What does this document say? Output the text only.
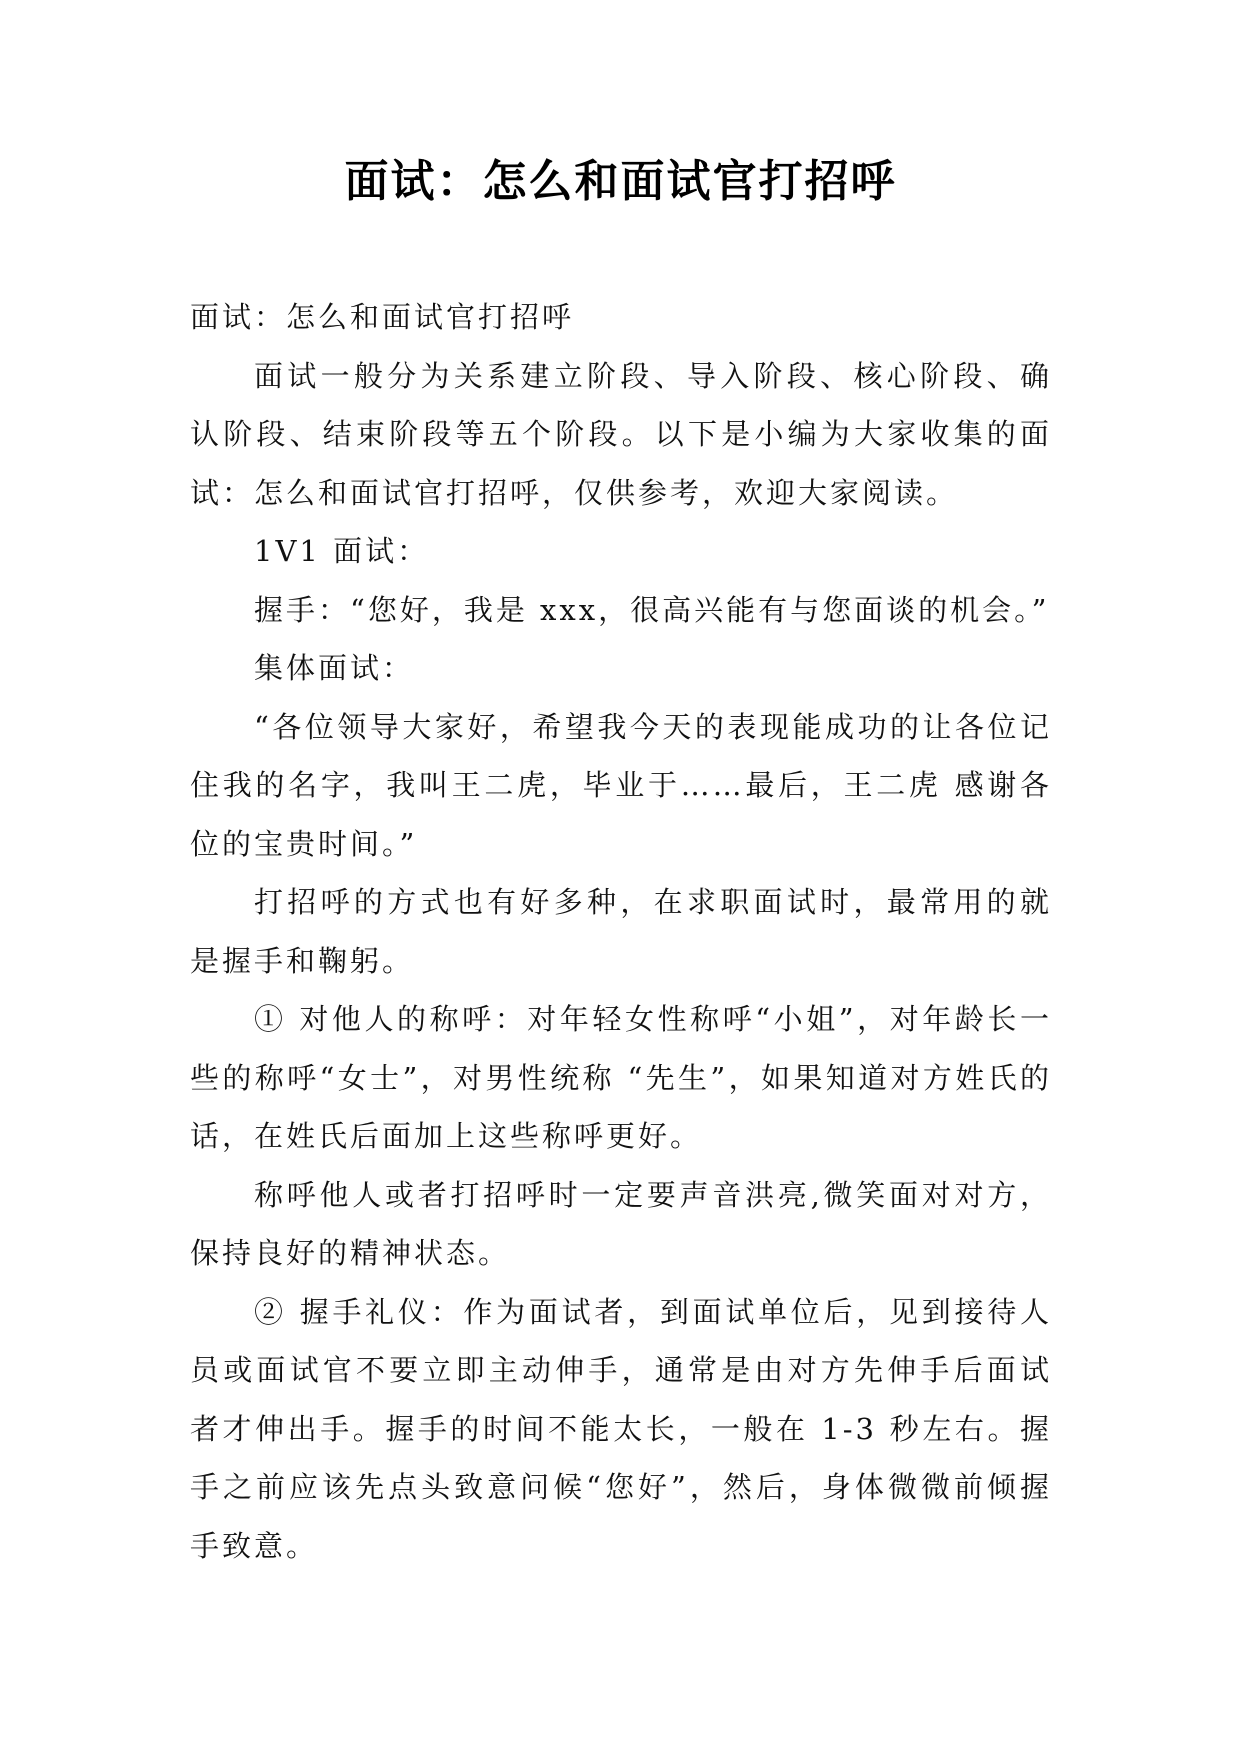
面试：怎么和面试官打招呼

面试：怎么和面试官打招呼

面试一般分为关系建立阶段、导入阶段、核心阶段、确认阶段、结束阶段等五个阶段。以下是小编为大家收集的面试：怎么和面试官打招呼，仅供参考，欢迎大家阅读。

1V1 面试：

握手：“您好，我是 xxx，很高兴能有与您面谈的机会。”

集体面试：

“各位领导大家好，希望我今天的表现能成功的让各位记住我的名字，我叫王二虎，毕业于……最后，王二虎 感谢各位的宝贵时间。”

打招呼的方式也有好多种，在求职面试时，最常用的就是握手和鞠躬。

① 对他人的称呼：对年轻女性称呼“小姐”，对年龄长一些的称呼“女士”，对男性统称 “先生”，如果知道对方姓氏的话，在姓氏后面加上这些称呼更好。

称呼他人或者打招呼时一定要声音洪亮,微笑面对对方，保持良好的精神状态。

② 握手礼仪：作为面试者，到面试单位后，见到接待人员或面试官不要立即主动伸手，通常是由对方先伸手后面试者才伸出手。握手的时间不能太长，一般在 1-3 秒左右。握手之前应该先点头致意问候“您好”，然后，身体微微前倾握手致意。
